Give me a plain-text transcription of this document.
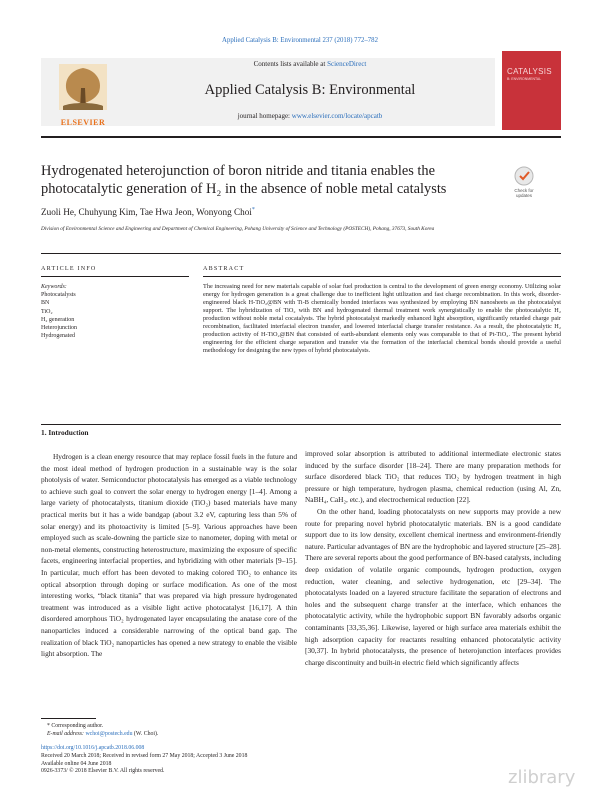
Applied Catalysis B: Environmental 237 (2018) 772–782
ELSEVIER
Contents lists available at ScienceDirect
Applied Catalysis B: Environmental
journal homepage: www.elsevier.com/locate/apcatb
CATALYSIS
B: ENVIRONMENTAL
Hydrogenated heterojunction of boron nitride and titania enables the photocatalytic generation of H₂ in the absence of noble metal catalysts	Check for updates
Zuoli He, Chuhyung Kim, Tae Hwa Jeon, Wonyong Choi*
Division of Environmental Science and Engineering and Department of Chemical Engineering, Pohang University of Science and Technology (POSTECH), Pohang, 37673, South Korea
ARTICLE INFO	ABSTRACT
Keywords:
Photocatalysts
BN
TiO₂
H₂ generation
Heterojunction
Hydrogenated
The increasing need for new materials capable of solar fuel production is central to the development of green energy economy. Utilizing solar energy for hydrogen generation is a great challenge due to inefficient light utilization and fast charge recombination. In this work, disorder-engineered black H-TiO₂@BN with Ti-B chemically bonded interfaces was synthesized by employing BN nanosheets as the photocatalyst support. The hybridization of TiO₂ with BN and hydrogenated thermal treatment work synergistically to enable the photocatalytic H₂ production without noble metal cocatalysts. The hybrid photocatalyst markedly enhanced light absorption, significantly retarded charge pair recombination, facilitated interfacial electron transfer, and lowered interfacial charge transfer resistance. As a result, the photocatalytic H₂ production activity of H-TiO₂@BN that consisted of earth-abundant elements only was comparable to that of Pt-TiO₂. The present hybrid engineering for the efficient charge separation and transfer via the formation of the interfacial chemical bonds should provide a useful methodology for designing the new types of hybrid photocatalysts.
1. Introduction

Hydrogen is a clean energy resource that may replace fossil fuels in the future and the most ideal method of hydrogen production in a sustainable way is the solar photolysis of water. Semiconductor photocatalysis has emerged as a viable technology to achieve such goal to convert the solar energy to hydrogen energy [1–4]. Among a large variety of photocatalysts, titanium dioxide (TiO₂) based materials have many practical merits but it has a wide bandgap (about 3.2 eV, capturing less than 5% of solar energy) and its photoactivity is limited [5–9]. Various approaches have been employed such as scale-downing the particle size to nanometer, doping with metal or non-metal elements, constructing heterostructure, maximizing the exposure of specific facets, engineering interfacial properties, and hybridizing with other materials [9–15]. In particular, much effort has been devoted to making colored TiO₂ to enhance its optical absorption through doping or surface modification. As one of the most interesting works, “black titania” that was prepared via high pressure hydrogenated treatment was introduced as a visible light active photocatalyst [16,17]. A thin disordered amorphous TiO₂ hydrogenated layer encapsulating the anatase core of the nanoparticles induced a considerable narrowing of the optical band gap. The realization of black TiO₂ nanoparticles has opened a new strategy to enable the visible light absorption. The

improved solar absorption is attributed to additional intermediate electronic states induced by the surface disorder [18–24]. There are many preparation methods for surface disordered black TiO₂ that reduces TiO₂ by hydrogen treatment in high pressure or high temperature, hydrogen plasma, chemical reduction (using Al, Zn, NaBH₄, CaH₂, etc.), and electrochemical reduction [22].

On the other hand, loading photocatalysts on new supports may provide a new route for preparing novel hybrid photocatalytic materials. BN is a good candidate support due to its low density, excellent chemical inertness and environment-friendly nature. Particular advantages of BN are the hydrophobic and layered structure [25–28]. There are several reports about the good performance of BN-based catalysts, including deep oxidation of volatile organic compounds, hydrogen production, oxygen reduction, water cleaning, and selective hydrogenation, etc [29–34]. The photocatalysts loaded on a layered structure facilitate the separation of electrons and holes and the subsequent charge transfer at the interface, which enhances the photocatalytic activity, while the hydrophobic support BN favorably adsorbs organic contaminants [33,35,36]. Likewise, layered or high surface area materials exhibit the high adsorption capacity for reactants resulting enhanced photocatalytic activity [30,37]. In hybrid photocatalysts, the presence of heterojunction interfaces provides charge discontinuity and built-in electric field which significantly affects

* Corresponding author.
E-mail address: wchoi@postech.edu (W. Choi).
https://doi.org/10.1016/j.apcatb.2018.06.008
Received 20 March 2018; Received in revised form 27 May 2018; Accepted 3 June 2018
Available online 04 June 2018
0926-3373/ © 2018 Elsevier B.V. All rights reserved.	zlibrary
